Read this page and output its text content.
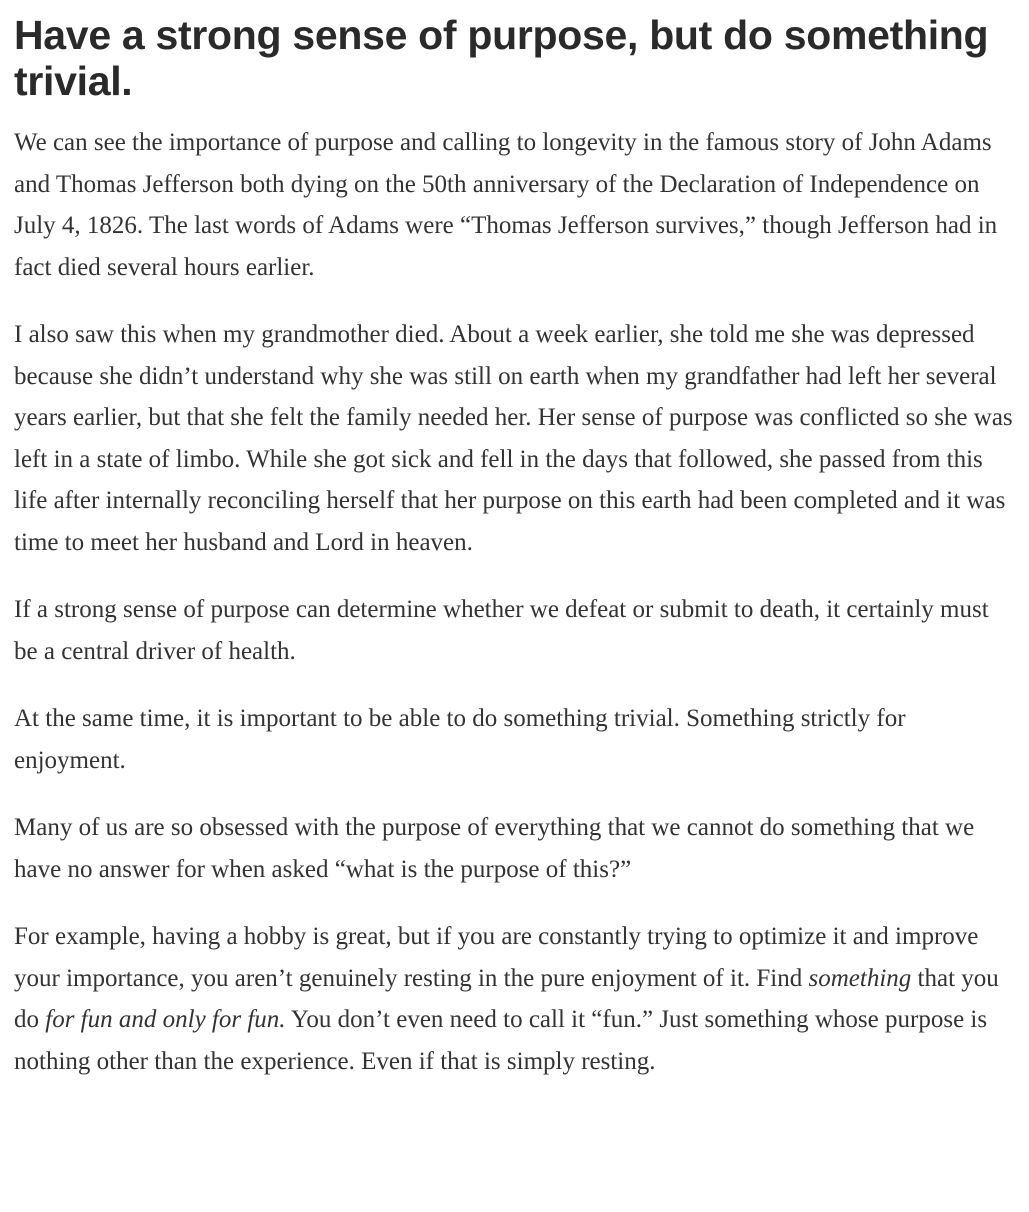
Have a strong sense of purpose, but do something trivial.

We can see the importance of purpose and calling to longevity in the famous story of John Adams and Thomas Jefferson both dying on the 50th anniversary of the Declaration of Independence on July 4, 1826. The last words of Adams were “Thomas Jefferson survives,” though Jefferson had in fact died several hours earlier.

I also saw this when my grandmother died. About a week earlier, she told me she was depressed because she didn’t understand why she was still on earth when my grandfather had left her several years earlier, but that she felt the family needed her. Her sense of purpose was conflicted so she was left in a state of limbo. While she got sick and fell in the days that followed, she passed from this life after internally reconciling herself that her purpose on this earth had been completed and it was time to meet her husband and Lord in heaven.

If a strong sense of purpose can determine whether we defeat or submit to death, it certainly must be a central driver of health.

At the same time, it is important to be able to do something trivial. Something strictly for enjoyment.

Many of us are so obsessed with the purpose of everything that we cannot do something that we have no answer for when asked “what is the purpose of this?”

For example, having a hobby is great, but if you are constantly trying to optimize it and improve your importance, you aren’t genuinely resting in the pure enjoyment of it. Find something that you do for fun and only for fun. You don’t even need to call it “fun.” Just something whose purpose is nothing other than the experience. Even if that is simply resting.
